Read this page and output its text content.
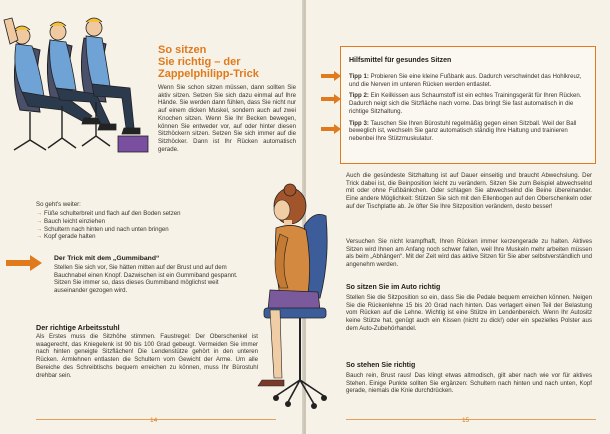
So sitzen
Sie richtig – der
Zappelphilipp-Trick
Wenn Sie schon sitzen müssen, dann sollten Sie aktiv sitzen. Setzen Sie sich dazu einmal auf Ihre Hände. Sie werden dann fühlen, dass Sie nicht nur auf einem dicken Muskel, sondern auch auf zwei Knochen sitzen. Wenn Sie Ihr Becken bewegen, können Sie entweder vor, auf oder hinter diesen Sitzhöckern sitzen. Setzen Sie sich immer auf die Sitzhöcker. Dann ist Ihr Rücken automatisch gerade.
So geht's weiter:
→ Füße schulterbreit und flach auf den Boden setzen
→ Bauch leicht einziehen
→ Schultern nach hinten und nach unten bringen
→ Kopf gerade halten
Der Trick mit dem „Gummiband“
Stellen Sie sich vor, Sie hätten mitten auf der Brust und auf dem Bauchnabel einen Knopf. Dazwischen ist ein Gummiband gespannt. Sitzen Sie immer so, dass dieses Gummiband möglichst weit auseinander gezogen wird.
Der richtige Arbeitsstuhl
Als Erstes muss die Sitzhöhe stimmen. Faustregel: Der Oberschenkel ist waagerecht, das Kniegelenk ist 90 bis 100 Grad gebeugt. Vermeiden Sie immer nach hinten geneigte Sitzflächen! Die Lendenstütze gehört in den unteren Rücken. Armlehnen entlasten die Schultern vom Gewicht der Arme. Um alle Bereiche des Schreibtischs bequem erreichen zu können, muss Ihr Bürostuhl drehbar sein.
14
Hilfsmittel für gesundes Sitzen
Tipp 1: Probieren Sie eine kleine Fußbank aus. Dadurch verschwindet das Hohlkreuz, und die Nerven im unteren Rücken werden entlastet.
Tipp 2: Ein Keilkissen aus Schaumstoff ist ein echtes Trainingsgerät für Ihren Rücken. Dadurch neigt sich die Sitzfläche nach vorne. Das bringt Sie fast automatisch in die richtige Sitzhaltung.
Tipp 3: Tauschen Sie Ihren Bürostuhl regelmäßig gegen einen Sitzball. Weil der Ball beweglich ist, wechseln Sie ganz automatisch ständig Ihre Haltung und trainieren nebenbei Ihre Stützmuskulatur.
Auch die gesündeste Sitzhaltung ist auf Dauer einseitig und braucht Abwechslung. Der Trick dabei ist, die Beinposition leicht zu verändern. Sitzen Sie zum Beispiel abwechselnd mit oder ohne Fußbänkchen. Oder schlagen Sie abwechselnd die Beine übereinander. Eine andere Möglichkeit: Stützen Sie sich mit den Ellenbogen auf den Oberschenkeln oder auf der Tischplatte ab. Je öfter Sie Ihre Sitzposition verändern, desto besser!
Versuchen Sie nicht krampfhaft, Ihren Rücken immer kerzengerade zu halten. Aktives Sitzen wird Ihnen am Anfang noch schwer fallen, weil Ihre Muskeln mehr arbeiten müssen als beim „Abhängen“. Mit der Zeit wird das aktive Sitzen für Sie aber selbstverständlich und angenehm werden.
So sitzen Sie im Auto richtig
Stellen Sie die Sitzposition so ein, dass Sie die Pedale bequem erreichen können. Neigen Sie die Rückenlehne 15 bis 20 Grad nach hinten. Das verlagert einen Teil der Belastung vom Rücken auf die Lehne. Wichtig ist eine Stütze im Lendenbereich. Wenn Ihr Autositz keine Stütze hat, genügt auch ein Kissen (nicht zu dick!) oder ein spezielles Polster aus dem Auto-Zubehörhandel.
So stehen Sie richtig
Bauch rein, Brust raus! Das klingt etwas altmodisch, gilt aber nach wie vor für aktives Stehen. Einige Punkte sollten Sie ergänzen: Schultern nach hinten und nach unten, Kopf gerade, niemals die Knie durchdrücken.
15
